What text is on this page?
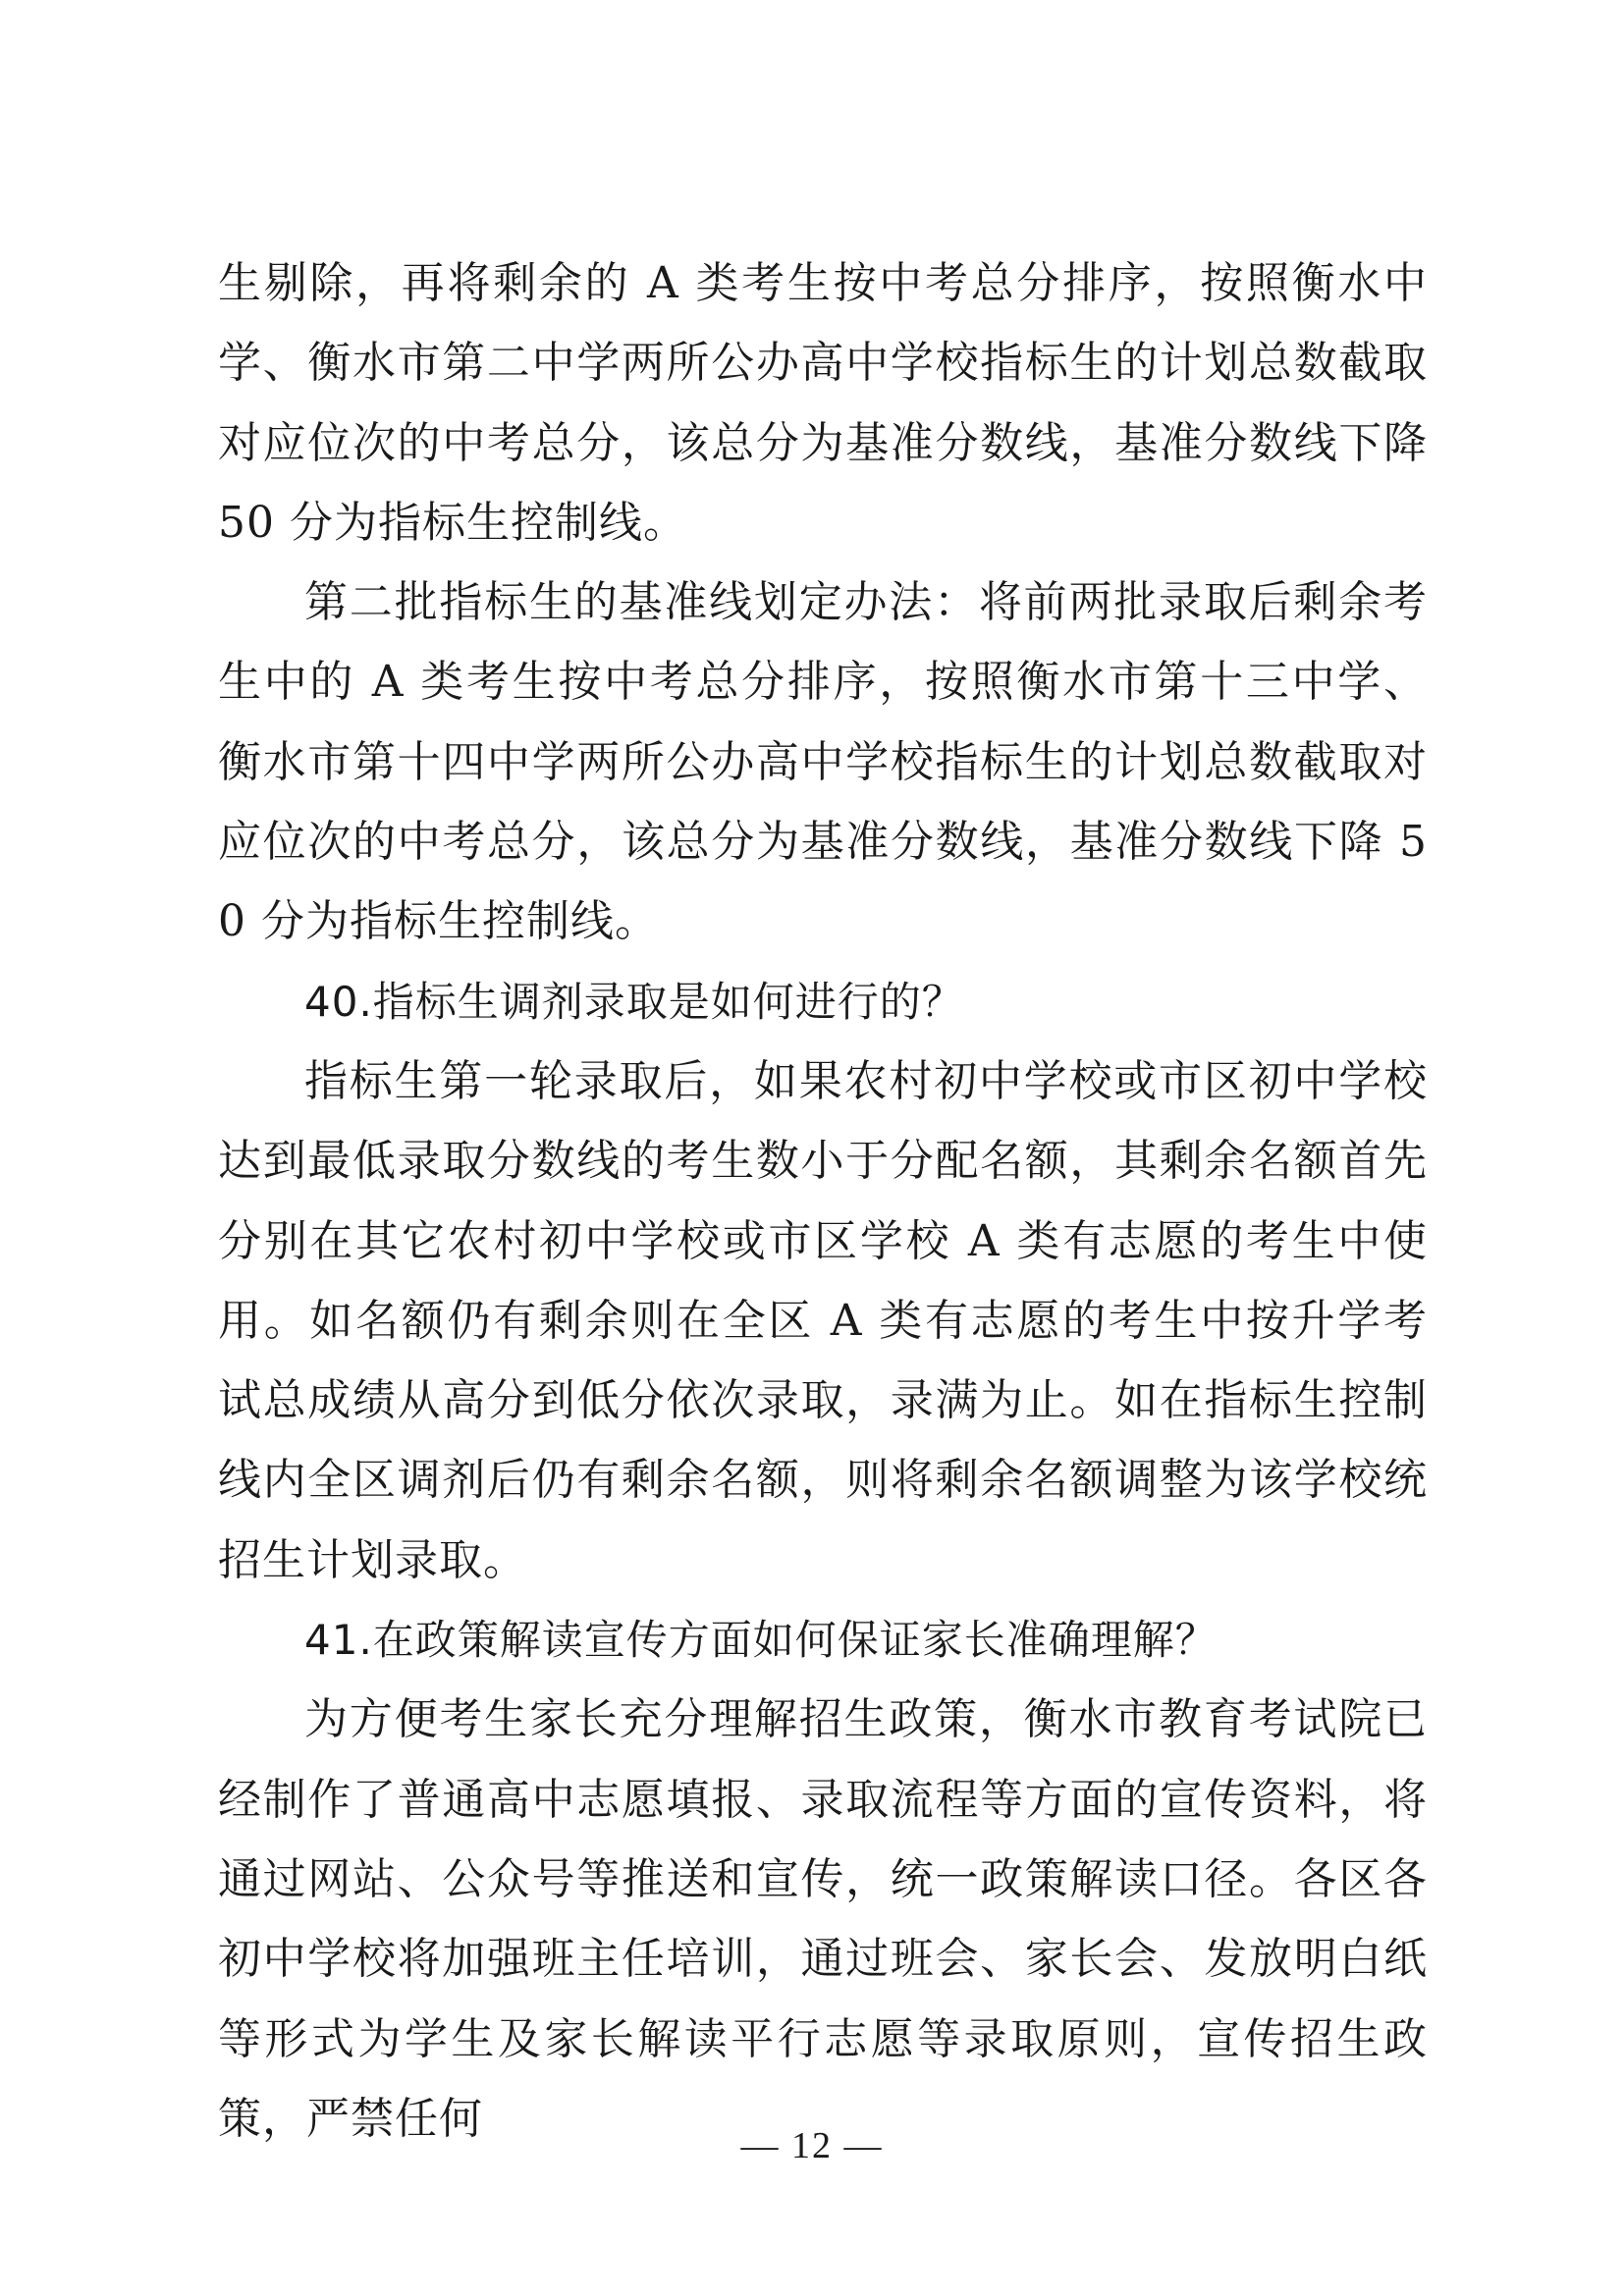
生剔除，再将剩余的 A 类考生按中考总分排序，按照衡水中学、衡水市第二中学两所公办高中学校指标生的计划总数截取对应位次的中考总分，该总分为基准分数线，基准分数线下降 50 分为指标生控制线。

第二批指标生的基准线划定办法：将前两批录取后剩余考生中的 A 类考生按中考总分排序，按照衡水市第十三中学、衡水市第十四中学两所公办高中学校指标生的计划总数截取对应位次的中考总分，该总分为基准分数线，基准分数线下降 50 分为指标生控制线。

40.指标生调剂录取是如何进行的？

指标生第一轮录取后，如果农村初中学校或市区初中学校达到最低录取分数线的考生数小于分配名额，其剩余名额首先分别在其它农村初中学校或市区学校 A 类有志愿的考生中使用。如名额仍有剩余则在全区 A 类有志愿的考生中按升学考试总成绩从高分到低分依次录取，录满为止。如在指标生控制线内全区调剂后仍有剩余名额，则将剩余名额调整为该学校统招生计划录取。

41.在政策解读宣传方面如何保证家长准确理解？

为方便考生家长充分理解招生政策，衡水市教育考试院已经制作了普通高中志愿填报、录取流程等方面的宣传资料，将通过网站、公众号等推送和宣传，统一政策解读口径。各区各初中学校将加强班主任培训，通过班会、家长会、发放明白纸等形式为学生及家长解读平行志愿等录取原则，宣传招生政策，严禁任何

— 12 —
